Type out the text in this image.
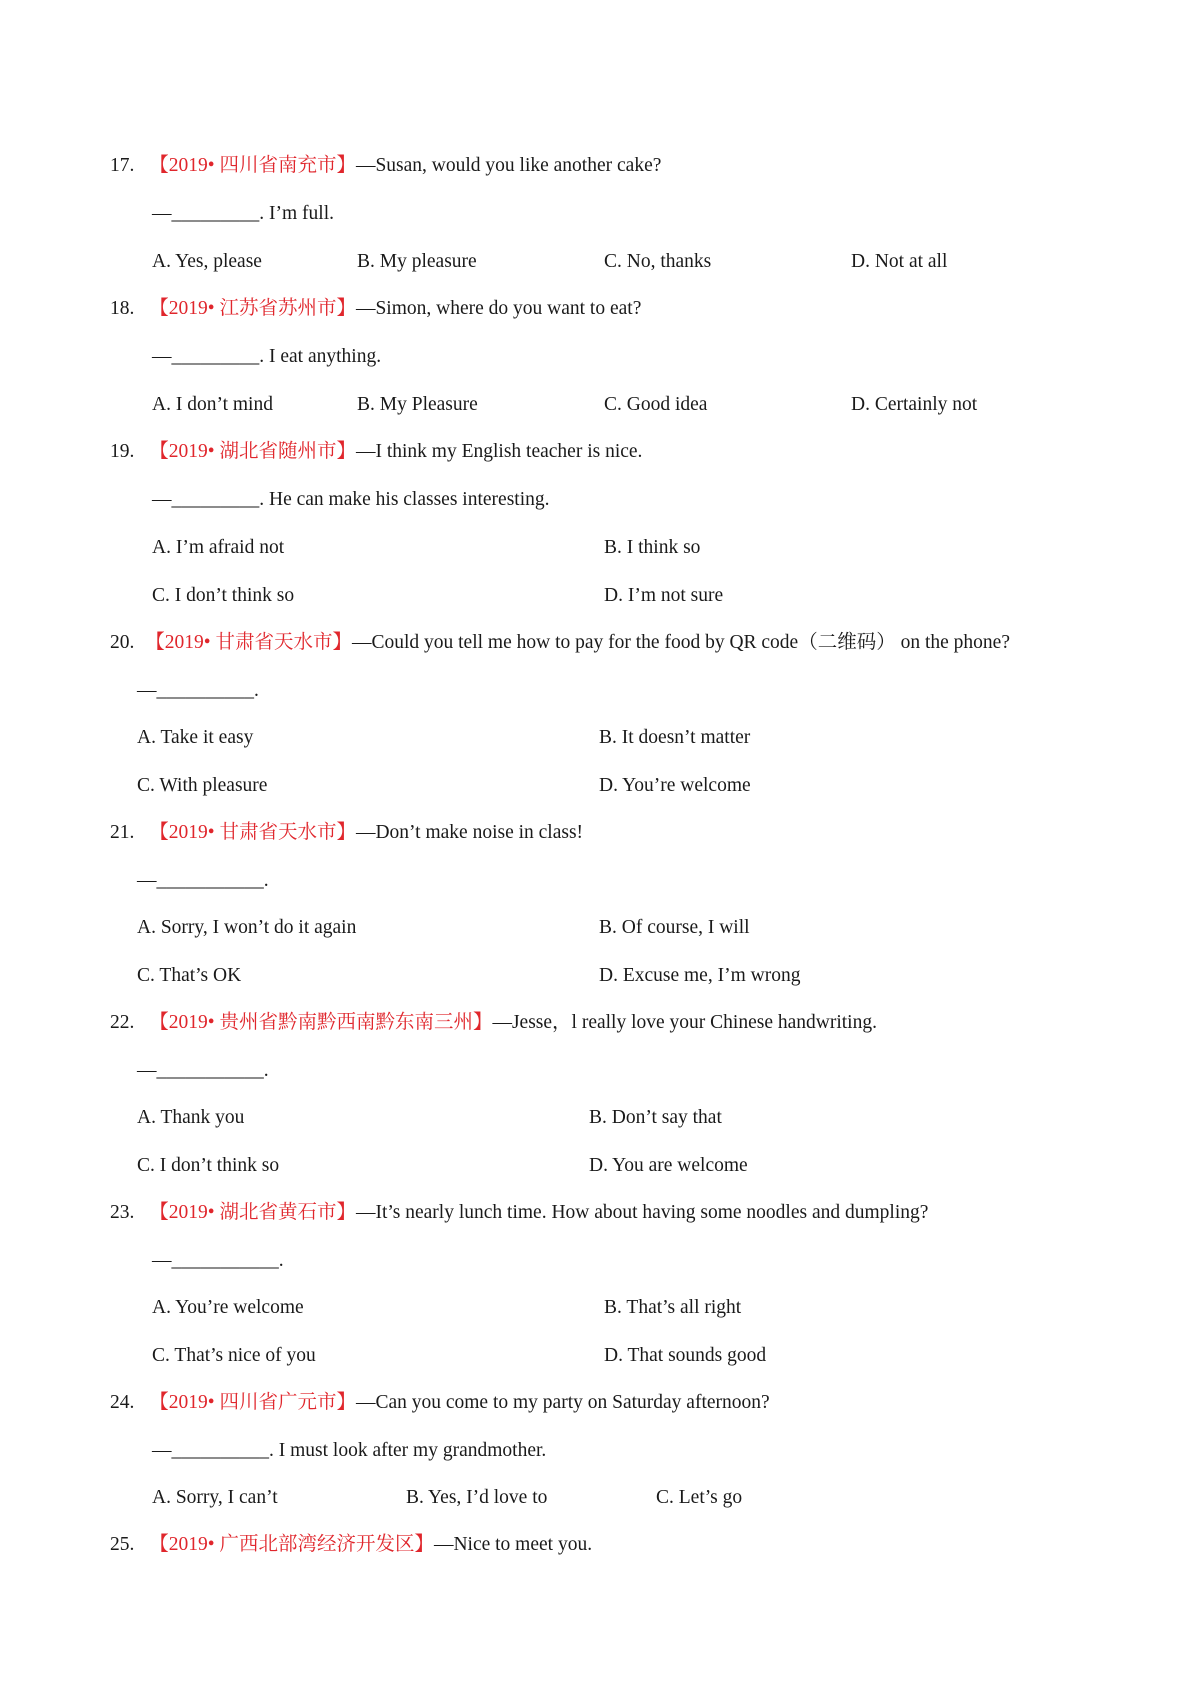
17. 【2019• 四川省南充市】—Susan, would you like another cake?
—_________. I’m full.
A. Yes, please	B. My pleasure	C. No, thanks	D. Not at all
18. 【2019• 江苏省苏州市】—Simon, where do you want to eat?
—_________. I eat anything.
A. I don’t mind	B. My Pleasure	C. Good idea	D. Certainly not
19. 【2019• 湖北省随州市】—I think my English teacher is nice.
—_________. He can make his classes interesting.
A. I’m afraid not	B. I think so
C. I don’t think so	D. I’m not sure
20. 【2019• 甘肃省天水市】—Could you tell me how to pay for the food by QR code（二维码） on the phone?
—__________.
A. Take it easy	B. It doesn’t matter
C. With pleasure	D. You’re welcome
21. 【2019• 甘肃省天水市】—Don’t make noise in class!
—___________.
A. Sorry, I won’t do it again	B. Of course, I will
C. That’s OK	D. Excuse me, I’m wrong
22. 【2019• 贵州省黔南黔西南黔东南三州】—Jesse，l really love your Chinese handwriting.
—___________.
A. Thank you	B. Don’t say that
C. I don’t think so	D. You are welcome
23. 【2019• 湖北省黄石市】—It’s nearly lunch time. How about having some noodles and dumpling?
—___________.
A. You’re welcome	B. That’s all right
C. That’s nice of you	D. That sounds good
24. 【2019• 四川省广元市】—Can you come to my party on Saturday afternoon?
—__________. I must look after my grandmother.
A. Sorry, I can’t	B. Yes, I’d love to	C. Let’s go
25. 【2019• 广西北部湾经济开发区】—Nice to meet you.
